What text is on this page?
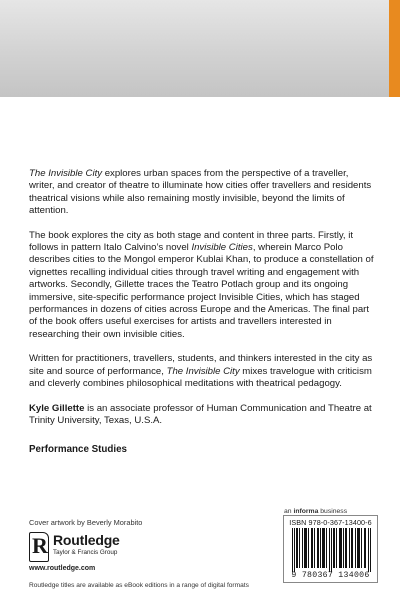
The Invisible City explores urban spaces from the perspective of a traveller, writer, and creator of theatre to illuminate how cities offer travellers and residents theatrical visions while also remaining mostly invisible, beyond the limits of attention.

The book explores the city as both stage and content in three parts. Firstly, it follows in pattern Italo Calvino’s novel Invisible Cities, wherein Marco Polo describes cities to the Mongol emperor Kublai Khan, to produce a constellation of vignettes recalling individual cities through travel writing and engagement with artworks. Secondly, Gillette traces the Teatro Potlach group and its ongoing immersive, site-specific performance project Invisible Cities, which has staged performances in dozens of cities across Europe and the Americas. The final part of the book offers useful exercises for artists and travellers interested in researching their own invisible cities.

Written for practitioners, travellers, students, and thinkers interested in the city as site and source of performance, The Invisible City mixes travelogue with criticism and cleverly combines philosophical meditations with theatrical pedagogy.

Kyle Gillette is an associate professor of Human Communication and Theatre at Trinity University, Texas, U.S.A.

Performance Studies
Cover artwork by Beverly Morabito
R Routledge
Taylor & Francis Group
www.routledge.com
Routledge titles are available as eBook editions in a range of digital formats
an informa business
ISBN 978-0-367-13400-6
9 780367 134006
